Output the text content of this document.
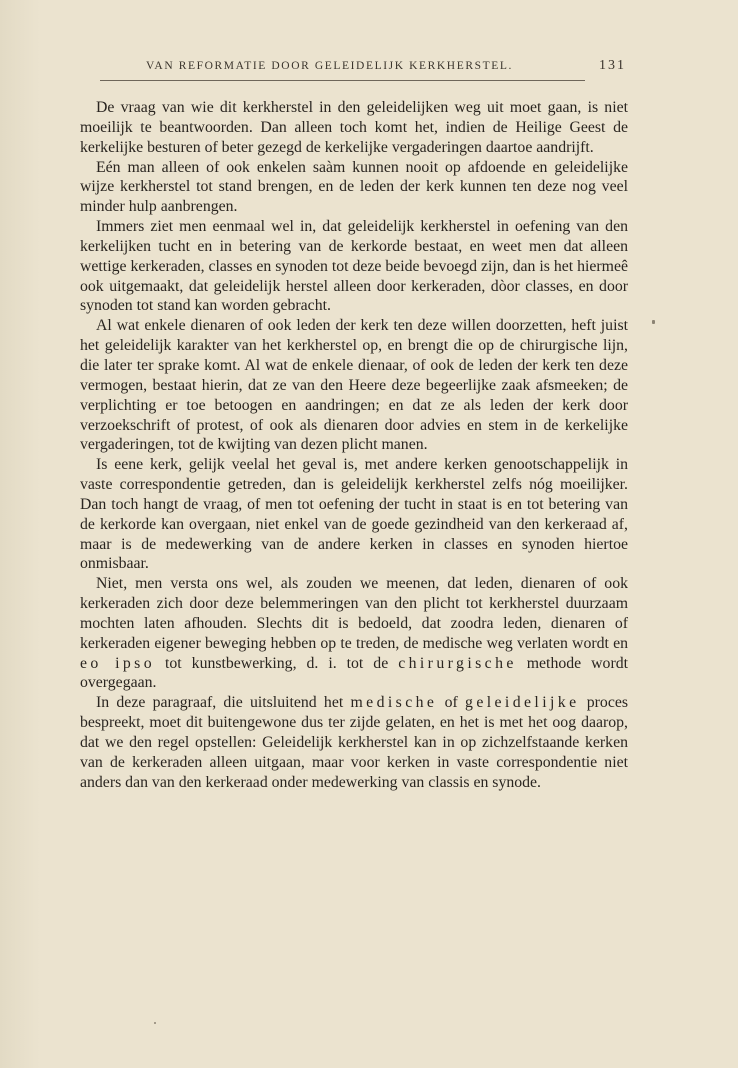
VAN REFORMATIE DOOR GELEIDELIJK KERKHERSTEL.	131

De vraag van wie dit kerkherstel in den geleidelijken weg uit moet gaan, is niet moeilijk te beantwoorden. Dan alleen toch komt het, indien de Heilige Geest de kerkelijke besturen of beter gezegd de kerkelijke vergaderingen daartoe aandrijft.

Eén man alleen of ook enkelen saàm kunnen nooit op afdoende en geleidelijke wijze kerkherstel tot stand brengen, en de leden der kerk kunnen ten deze nog veel minder hulp aanbrengen.

Immers ziet men eenmaal wel in, dat geleidelijk kerkherstel in oefening van den kerkelijken tucht en in betering van de kerkorde bestaat, en weet men dat alleen wettige kerkeraden, classes en synoden tot deze beide bevoegd zijn, dan is het hiermeê ook uitgemaakt, dat geleidelijk herstel alleen door kerkeraden, dòor classes, en door synoden tot stand kan worden gebracht.

Al wat enkele dienaren of ook leden der kerk ten deze willen doorzetten, heft juist het geleidelijk karakter van het kerkherstel op, en brengt die op de chirurgische lijn, die later ter sprake komt. Al wat de enkele dienaar, of ook de leden der kerk ten deze vermogen, bestaat hierin, dat ze van den Heere deze begeerlijke zaak afsmeeken; de verplichting er toe betoogen en aandringen; en dat ze als leden der kerk door verzoekschrift of protest, of ook als dienaren door advies en stem in de kerkelijke vergaderingen, tot de kwijting van dezen plicht manen.

Is eene kerk, gelijk veelal het geval is, met andere kerken genootschappelijk in vaste correspondentie getreden, dan is geleidelijk kerkherstel zelfs nóg moeilijker. Dan toch hangt de vraag, of men tot oefening der tucht in staat is en tot betering van de kerkorde kan overgaan, niet enkel van de goede gezindheid van den kerkeraad af, maar is de medewerking van de andere kerken in classes en synoden hiertoe onmisbaar.

Niet, men versta ons wel, als zouden we meenen, dat leden, dienaren of ook kerkeraden zich door deze belemmeringen van den plicht tot kerkherstel duurzaam mochten laten afhouden. Slechts dit is bedoeld, dat zoodra leden, dienaren of kerkeraden eigener beweging hebben op te treden, de medische weg verlaten wordt en eo ipso tot kunstbewerking, d. i. tot de chirurgische methode wordt overgegaan.

In deze paragraaf, die uitsluitend het medische of geleidelijke proces bespreekt, moet dit buitengewone dus ter zijde gelaten, en het is met het oog daarop, dat we den regel opstellen: Geleidelijk kerkherstel kan in op zichzelfstaande kerken van de kerkeraden alleen uitgaan, maar voor kerken in vaste correspondentie niet anders dan van den kerkeraad onder medewerking van classis en synode.
